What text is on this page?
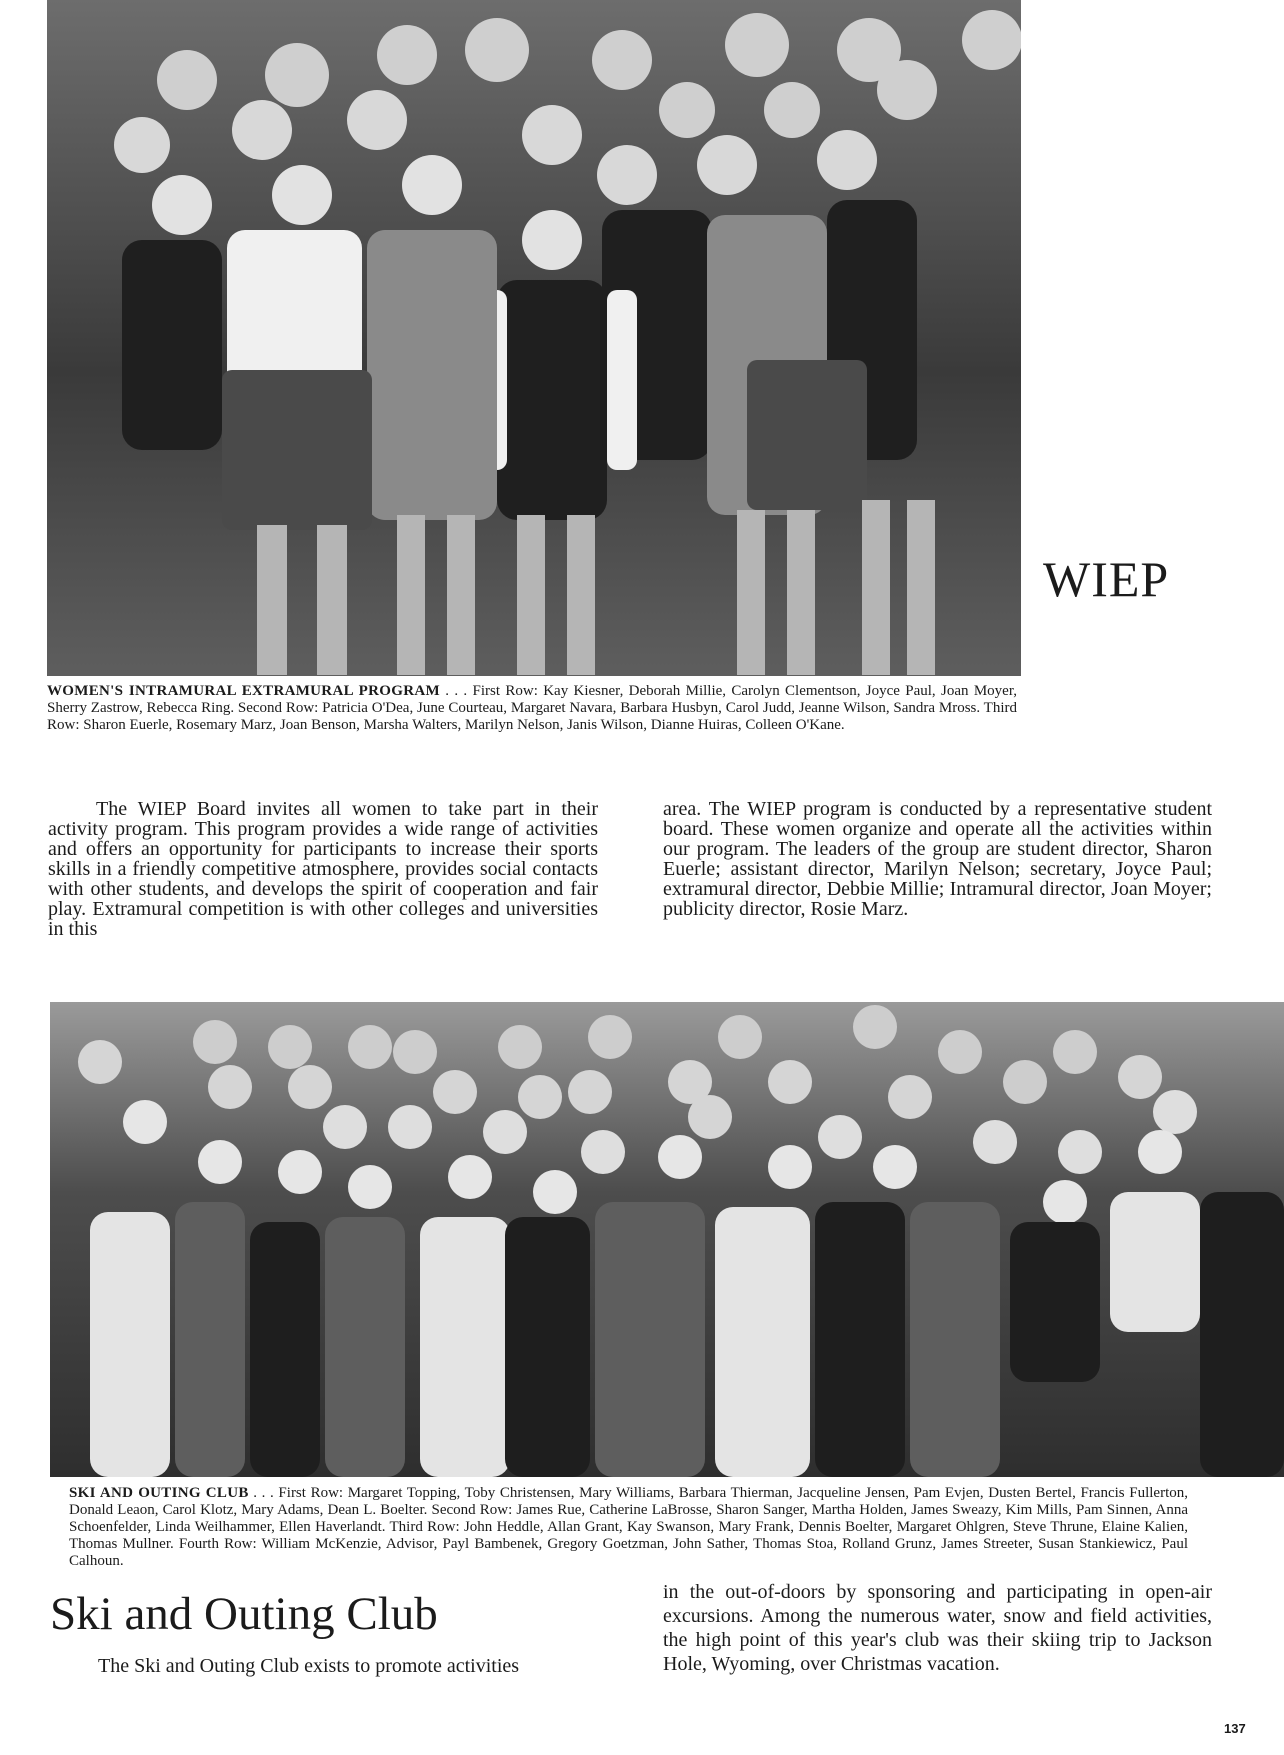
WIEP

WOMEN'S INTRAMURAL EXTRAMURAL PROGRAM . . . First Row: Kay Kiesner, Deborah Millie, Carolyn Clementson, Joyce Paul, Joan Moyer, Sherry Zastrow, Rebecca Ring. Second Row: Patricia O'Dea, June Courteau, Margaret Navara, Barbara Husbyn, Carol Judd, Jeanne Wilson, Sandra Mross. Third Row: Sharon Euerle, Rosemary Marz, Joan Benson, Marsha Walters, Marilyn Nelson, Janis Wilson, Dianne Huiras, Colleen O'Kane.

The WIEP Board invites all women to take part in their activity program. This program provides a wide range of activities and offers an opportunity for participants to increase their sports skills in a friendly competitive atmosphere, provides social contacts with other students, and develops the spirit of cooperation and fair play. Extramural competition is with other colleges and universities in this

area. The WIEP program is conducted by a representative student board. These women organize and operate all the activities within our program. The leaders of the group are student director, Sharon Euerle; assistant director, Marilyn Nelson; secretary, Joyce Paul; extramural director, Debbie Millie; Intramural director, Joan Moyer; publicity director, Rosie Marz.

SKI AND OUTING CLUB . . . First Row: Margaret Topping, Toby Christensen, Mary Williams, Barbara Thierman, Jacqueline Jensen, Pam Evjen, Dusten Bertel, Francis Fullerton, Donald Leaon, Carol Klotz, Mary Adams, Dean L. Boelter. Second Row: James Rue, Catherine LaBrosse, Sharon Sanger, Martha Holden, James Sweazy, Kim Mills, Pam Sinnen, Anna Schoenfelder, Linda Weilhammer, Ellen Haverlandt. Third Row: John Heddle, Allan Grant, Kay Swanson, Mary Frank, Dennis Boelter, Margaret Ohlgren, Steve Thrune, Elaine Kalien, Thomas Mullner. Fourth Row: William McKenzie, Advisor, Payl Bambenek, Gregory Goetzman, John Sather, Thomas Stoa, Rolland Grunz, James Streeter, Susan Stankiewicz, Paul Calhoun.

Ski and Outing Club

The Ski and Outing Club exists to promote activities

in the out-of-doors by sponsoring and participating in open-air excursions. Among the numerous water, snow and field activities, the high point of this year's club was their skiing trip to Jackson Hole, Wyoming, over Christmas vacation.

137
